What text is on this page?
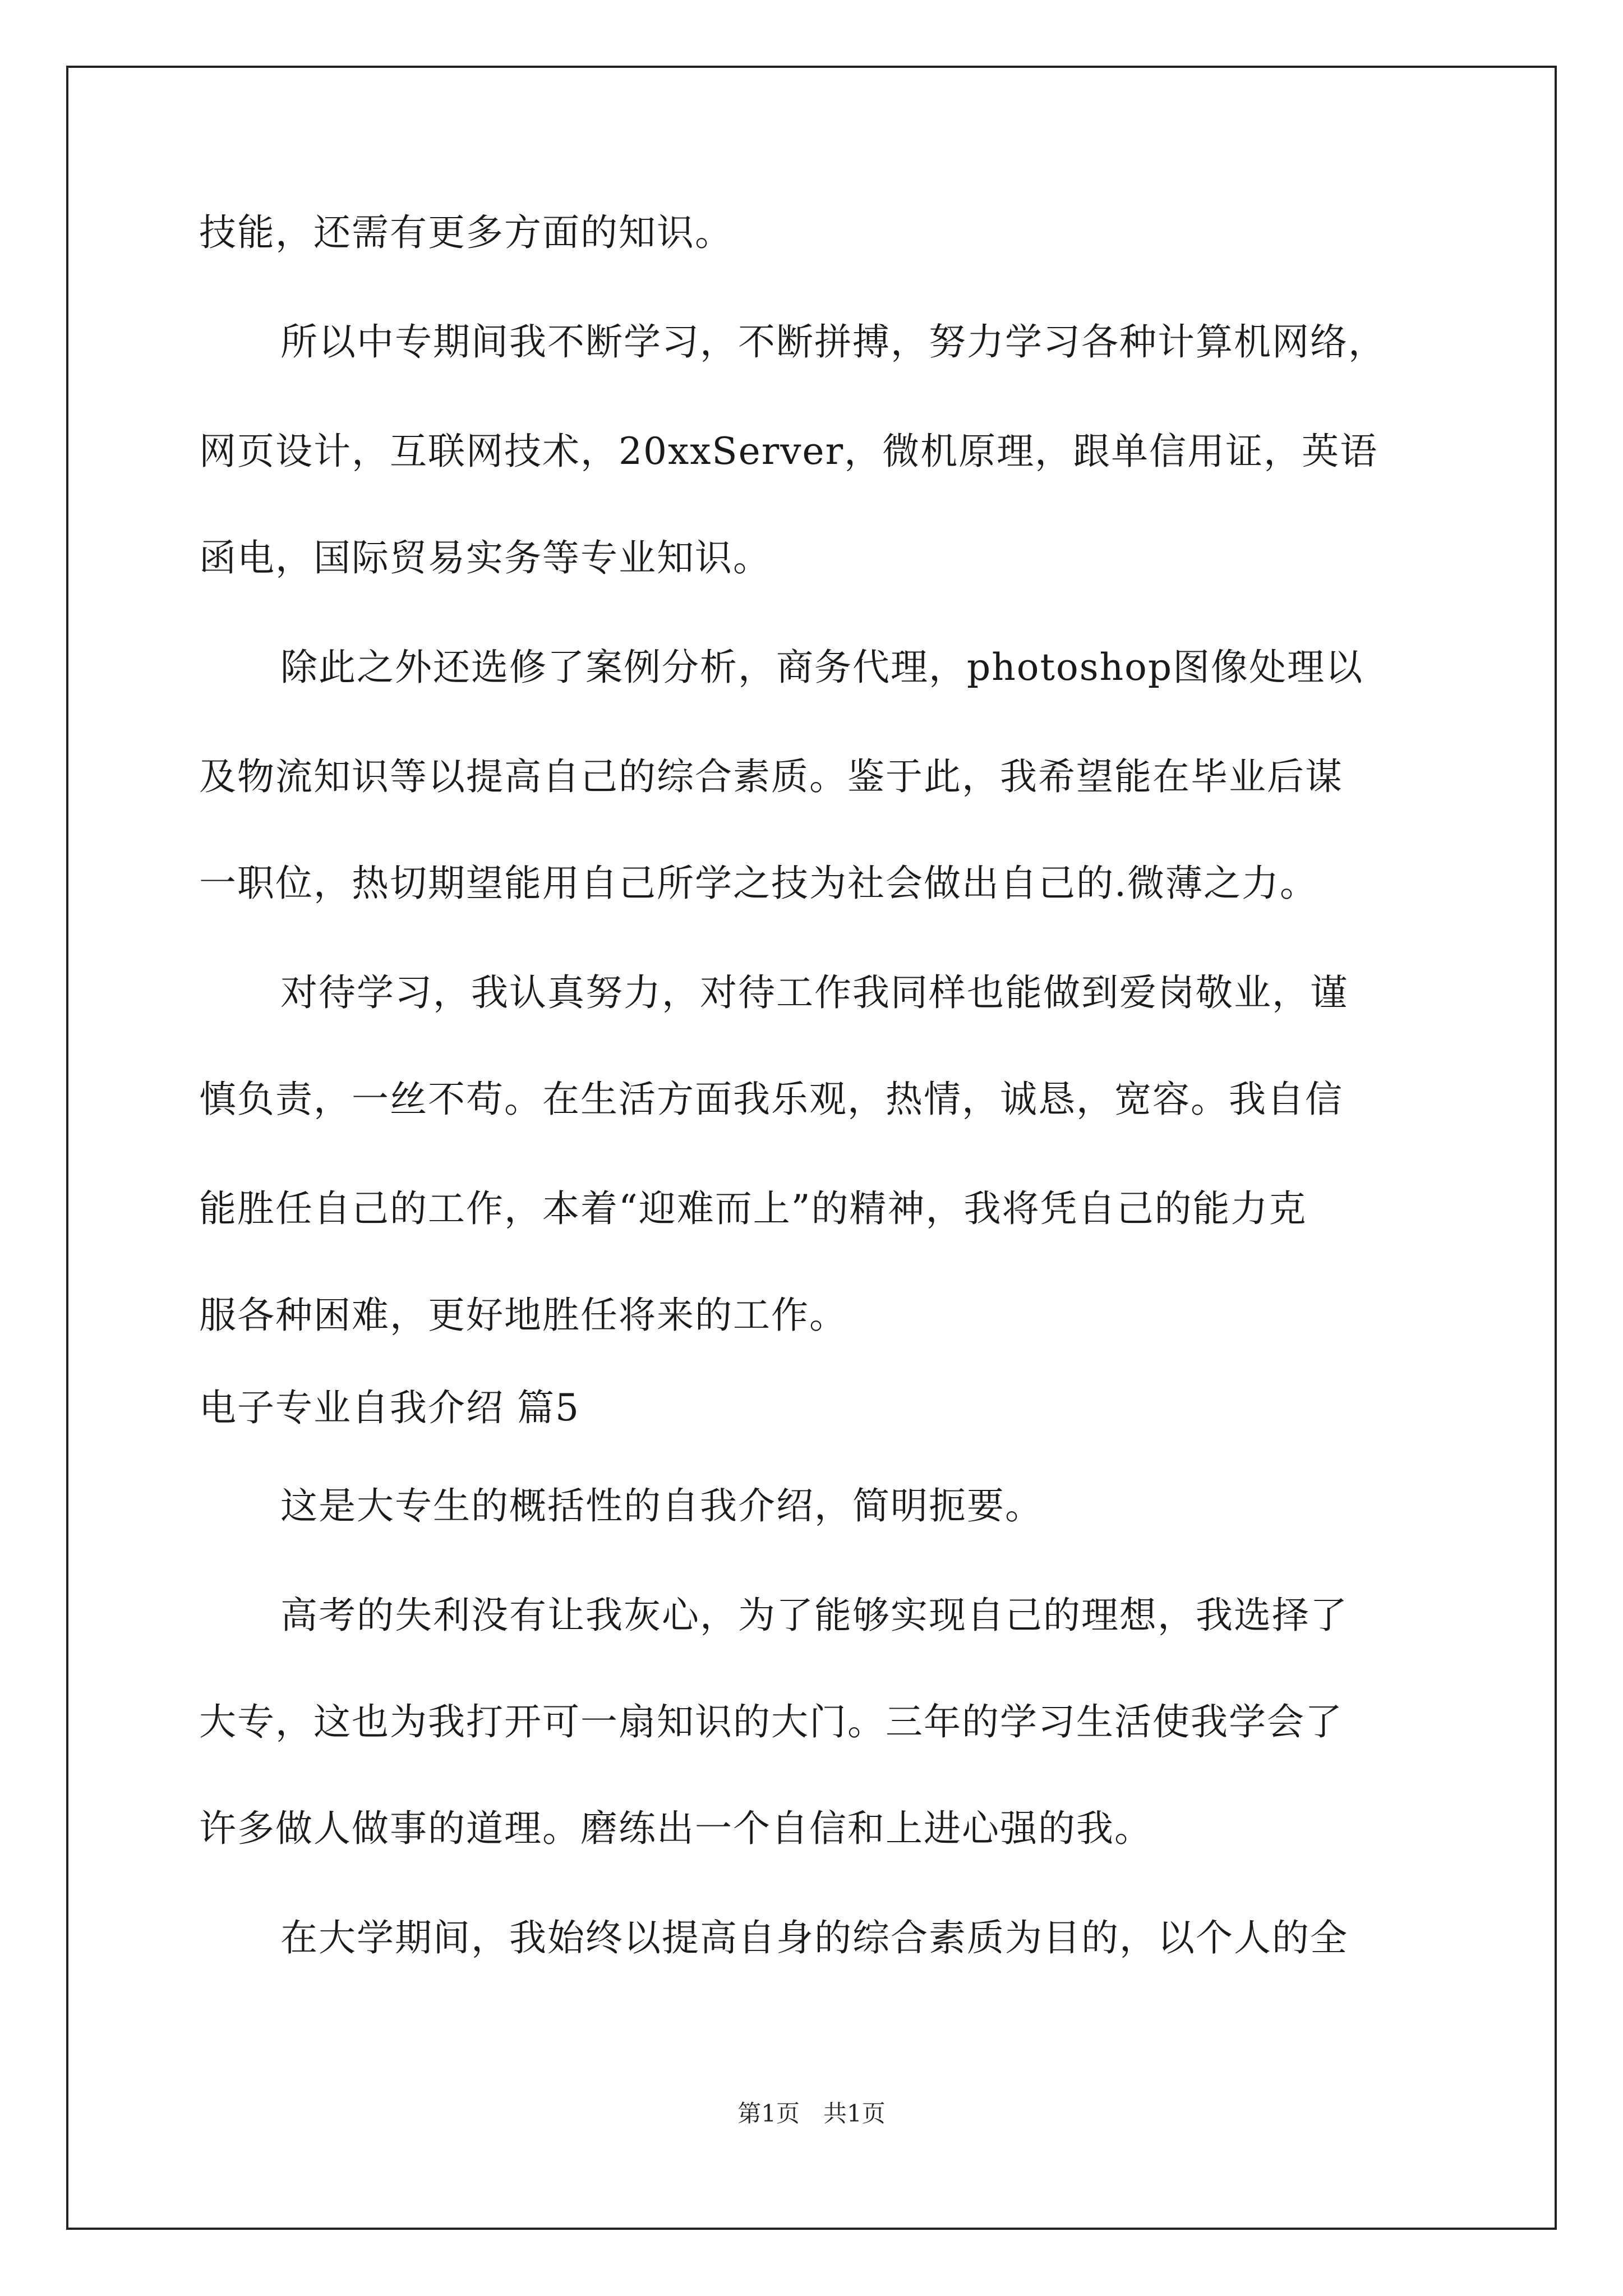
技能，还需有更多方面的知识。
所以中专期间我不断学习，不断拼搏，努力学习各种计算机网络，
网页设计，互联网技术，20xxServer，微机原理，跟单信用证，英语
函电，国际贸易实务等专业知识。
除此之外还选修了案例分析，商务代理，photoshop图像处理以
及物流知识等以提高自己的综合素质。鉴于此，我希望能在毕业后谋
一职位，热切期望能用自己所学之技为社会做出自己的.微薄之力。
对待学习，我认真努力，对待工作我同样也能做到爱岗敬业，谨
慎负责，一丝不苟。在生活方面我乐观，热情，诚恳，宽容。我自信
能胜任自己的工作，本着“迎难而上”的精神，我将凭自己的能力克
服各种困难，更好地胜任将来的工作。
电子专业自我介绍 篇5
这是大专生的概括性的自我介绍，简明扼要。
高考的失利没有让我灰心，为了能够实现自己的理想，我选择了
大专，这也为我打开可一扇知识的大门。三年的学习生活使我学会了
许多做人做事的道理。磨练出一个自信和上进心强的我。
在大学期间，我始终以提高自身的综合素质为目的，以个人的全
第1页　共1页
